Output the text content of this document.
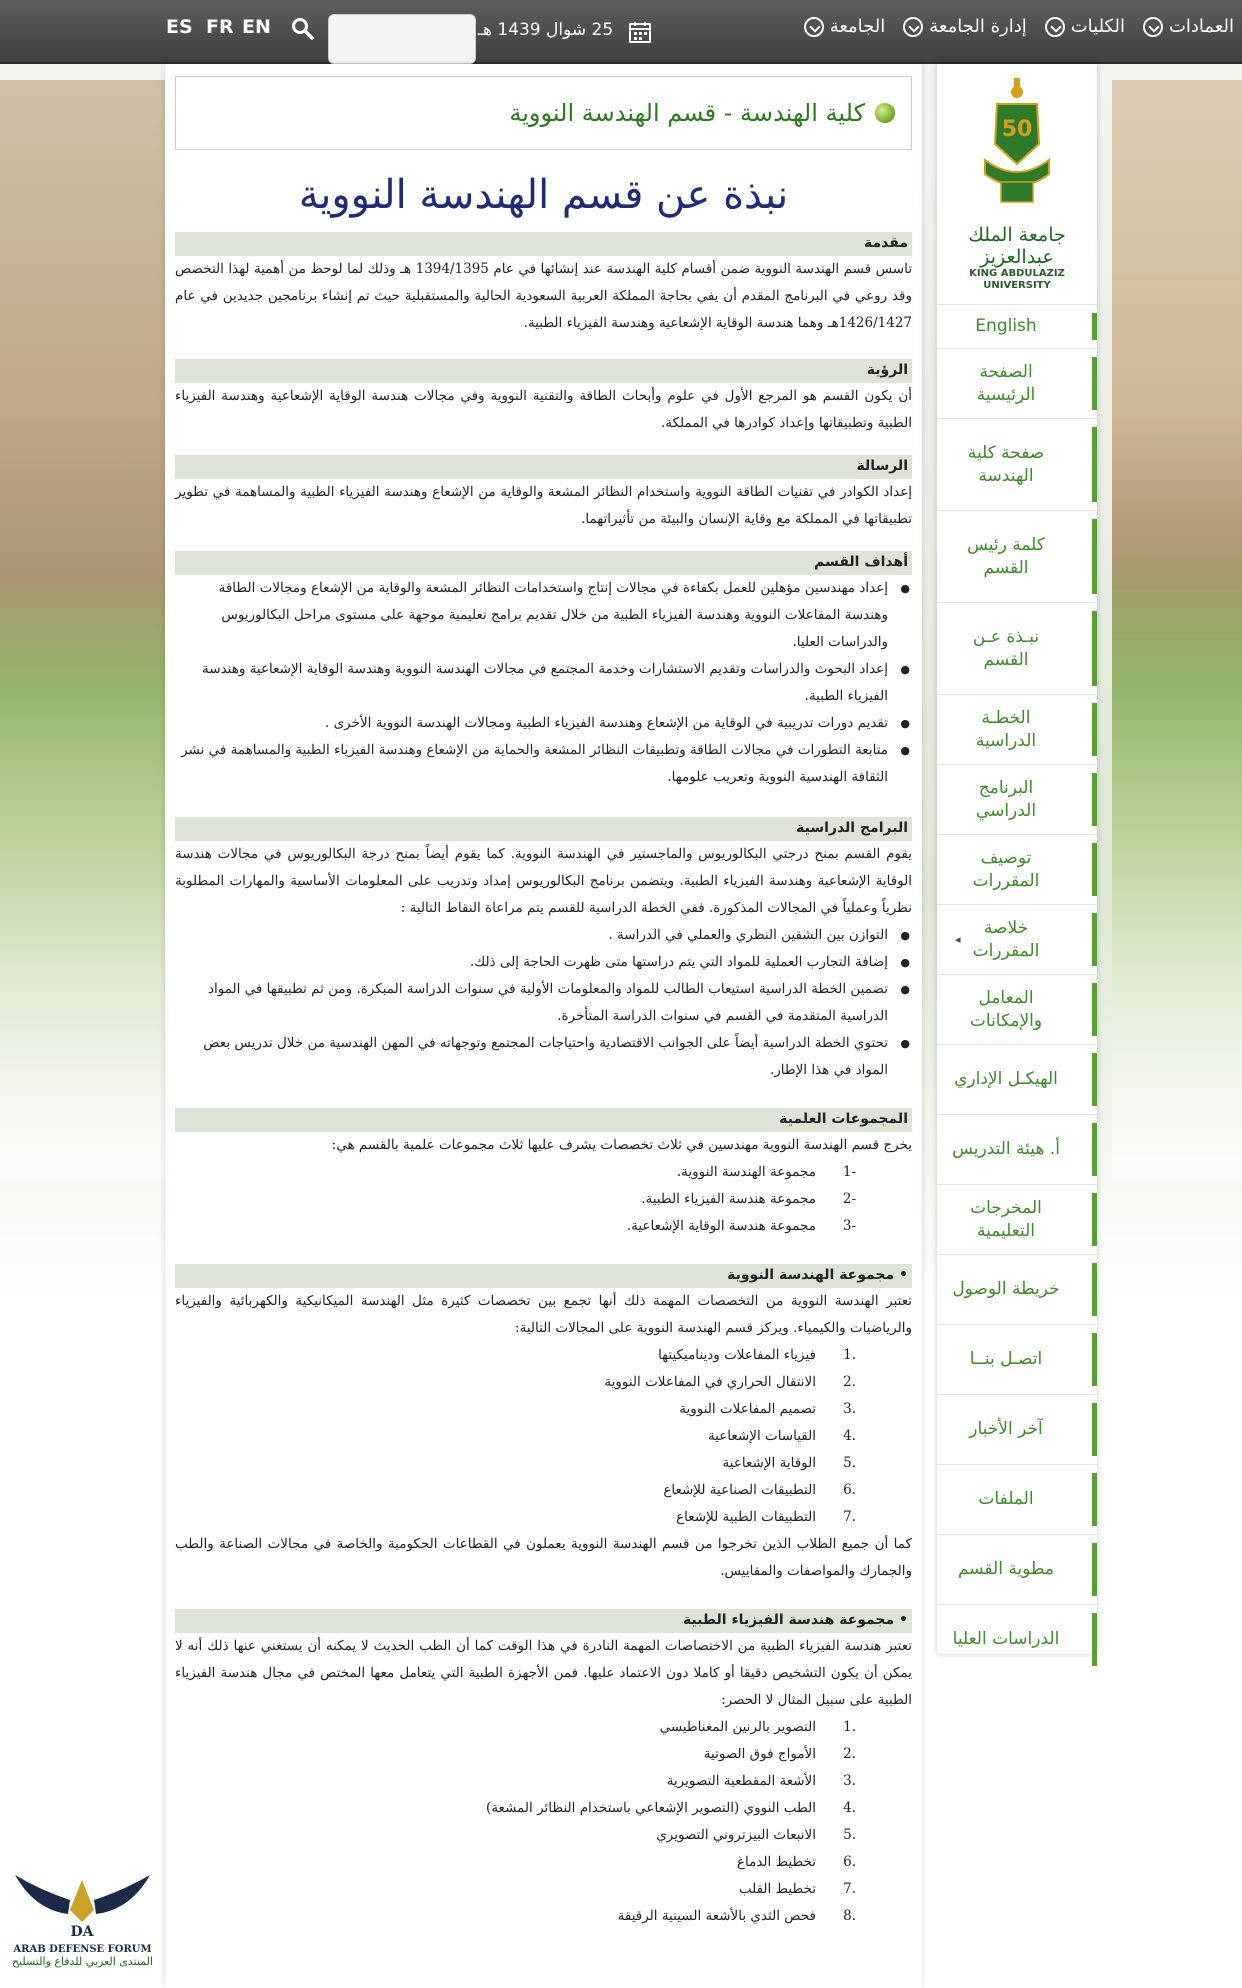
ES FR EN	25 شوال 1439 هـ	الجامعة إدارة الجامعة الكليات العمادات
كلية الهندسة - قسم الهندسة النووية
نبذة عن قسم الهندسة النووية
مقدمة

تاسس قسم الهندسة النووية ضمن أقسام كلية الهندسة عند إنشائها في عام 1394/1395 هـ وذلك لما لوحظ من أهمية لهذا التخصص وقد روعي في البرنامج المقدم أن يفي بحاجة المملكة العربية السعودية الحالية والمستقبلية حيث تم إنشاء برنامجين جديدين في عام 1426/1427هـ وهما هندسة الوقاية الإشعاعية وهندسة الفيزياء الطبية.

الرؤية

أن يكون القسم هو المرجع الأول في علوم وأبحاث الطاقة والتقنية النووية وفي مجالات هندسة الوقاية الإشعاعية وهندسة الفيزياء الطبية وتطبيقاتها وإعداد كوادرها في المملكة.

الرسالة

إعداد الكوادر في تقنيات الطاقة النووية واستخدام النظائر المشعة والوقاية من الإشعاع وهندسة الفيزياء الطبية والمساهمة في تطوير تطبيقاتها في المملكة مع وقاية الإنسان والبيئة من تأثيراتهما.

أهداف القسم
● إعداد مهندسين مؤهلين للعمل بكفاءة في مجالات إنتاج واستخدامات النظائر المشعة والوقاية من الإشعاع ومجالات الطاقة وهندسة المفاعلات النووية وهندسة الفيزياء الطبية من خلال تقديم برامج تعليمية موجهة على مستوى مراحل البكالوريوس والدراسات العليا.
● إعداد البحوث والدراسات وتقديم الاستشارات وخدمة المجتمع في مجالات الهندسة النووية وهندسة الوقاية الإشعاعية وهندسة الفيزياء الطبية.
● تقديم دورات تدريبية في الوقاية من الإشعاع وهندسة الفيزياء الطبية ومجالات الهندسة النووية الأخرى .
● متابعة التطورات في مجالات الطاقة وتطبيقات النظائر المشعة والحماية من الإشعاع وهندسة الفيزياء الطبية والمساهمة في نشر الثقافة الهندسية النووية وتعريب علومها.
البرامج الدراسية

يقوم القسم بمنح درجتي البكالوريوس والماجستير في الهندسة النووية. كما يقوم أيضاً بمنح درجة البكالوريوس في مجالات هندسة الوقاية الإشعاعية وهندسة الفيزياء الطبية. ويتضمن برنامج البكالوريوس إمداد وتدريب على المعلومات الأساسية والمهارات المطلوبة نظرياً وعملياً في المجالات المذكورة. ففي الخطة الدراسية للقسم يتم مراعاة النقاط التالية :

● التوازن بين الشقين النظري والعملي في الدراسة .
● إضافة التجارب العملية للمواد التي يتم دراستها متى ظهرت الحاجة إلى ذلك.
● تضمين الخطة الدراسية استيعاب الطالب للمواد والمعلومات الأولية في سنوات الدراسة المبكرة. ومن ثم تطبيقها في المواد الدراسية المتقدمة في القسم في سنوات الدراسة المتأخرة.
● تحتوي الخطة الدراسية أيضاً على الجوانب الاقتصادية واحتياجات المجتمع وتوجهاته في المهن الهندسية من خلال تدريس بعض المواد في هذا الإطار.
المجموعات العلمية

يخرج قسم الهندسة النووية مهندسين في ثلاث تخصصات يشرف عليها ثلاث مجموعات علمية بالقسم هي:

-1مجموعة الهندسة النووية.
-2مجموعة هندسة الفيزياء الطبية.
-3مجموعة هندسة الوقاية الإشعاعية.
• مجموعة الهندسة النووية

تعتبر الهندسة النووية من التخصصات المهمة ذلك أنها تجمع بين تخصصات كثيرة مثل الهندسة الميكانيكية والكهربائية والفيزياء والرياضيات والكيمياء. ويركز قسم الهندسة النووية على المجالات التالية:

.1فيزياء المفاعلات وديناميكيتها
.2الانتقال الحراري في المفاعلات النووية
.3تصميم المفاعلات النووية
.4القياسات الإشعاعية
.5الوقاية الإشعاعية
.6التطبيقات الصناعية للإشعاع
.7التطبيقات الطبية للإشعاع

كما أن جميع الطلاب الذين تخرجوا من قسم الهندسة النووية يعملون في القطاعات الحكومية والخاصة في مجالات الصناعة والطب والجمارك والمواصفات والمقاييس.

• مجموعة هندسة الفيزياء الطبية

تعتبر هندسة الفيزياء الطبية من الاختصاصات المهمة النادرة في هذا الوقت كما أن الطب الحديث لا يمكنه أن يستغني عنها ذلك أنه لا يمكن أن يكون التشخيص دقيقا أو كاملا دون الاعتماد عليها. فمن الأجهزة الطبية التي يتعامل معها المختص في مجال هندسة الفيزياء الطبية على سبيل المثال لا الحصر:

.1التصوير بالرنين المغناطيسي
.2الأمواج فوق الصوتية
.3الأشعة المقطعية التصويرية
.4الطب النووي (التصوير الإشعاعي باستخدام النظائر المشعة)
.5الانبعاث البيزتروني التصويري
.6تخطيط الدماغ
.7تخطيط القلب
.8فحص الثدي بالأشعة السينية الرقيقة
50
جامعة الملك عبدالعزيز
KING ABDULAZIZ UNIVERSITY
English
الصفحة الرئيسية
صفحة كلية الهندسة
كلمة رئيس القسم
نبـذة عـن القسم
الخطـة الدراسية
البرنامج الدراسي
توصيف المقررات
خلاصة المقررات
◂
المعامل والإمكانات
الهيكـل الإداري
أ. هيئة التدريس
المخرجات التعليمية
خريطة الوصول
اتصـل بنــا
آخر الأخبار
الملفات
مطوية القسم
الدراسات العليا
DA
ARAB DEFENSE FORUM
المنتدى العربي للدفاع والتسليح
